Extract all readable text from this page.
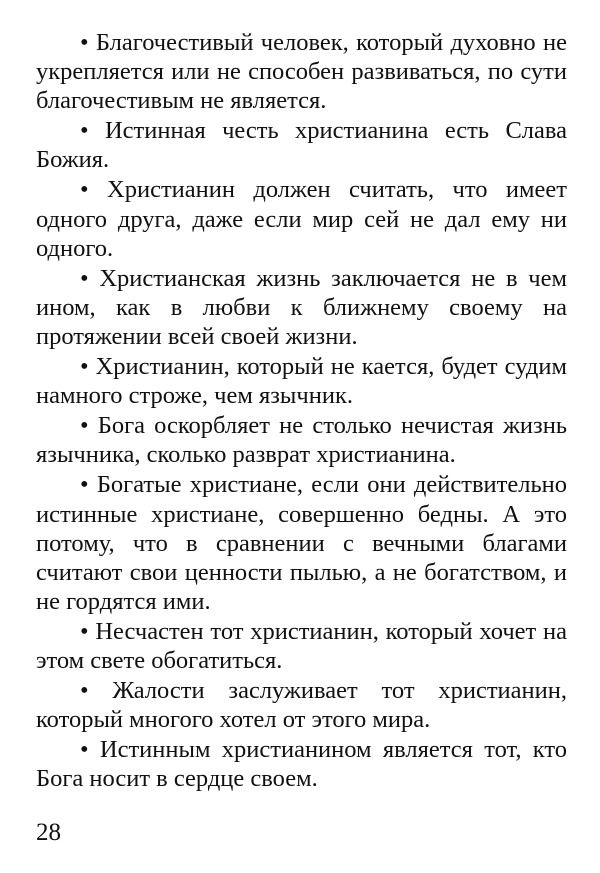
• Благочестивый человек, который духовно не укрепляется или не способен развиваться, по сути благочестивым не является.

• Истинная честь христианина есть Слава Божия.

• Христианин должен считать, что имеет одного друга, даже если мир сей не дал ему ни одного.

• Христианская жизнь заключается не в чем ином, как в любви к ближнему своему на протяжении всей своей жизни.

• Христианин, который не кается, будет судим намного строже, чем язычник.

• Бога оскорбляет не столько нечистая жизнь язычника, сколько разврат христианина.

• Богатые христиане, если они действительно истинные христиане, совершенно бедны. А это потому, что в сравнении с вечными благами считают свои ценности пылью, а не богатством, и не гордятся ими.

• Несчастен тот христианин, который хочет на этом свете обогатиться.

• Жалости заслуживает тот христианин, который многого хотел от этого мира.

• Истинным христианином является тот, кто Бога носит в сердце своем.

28
